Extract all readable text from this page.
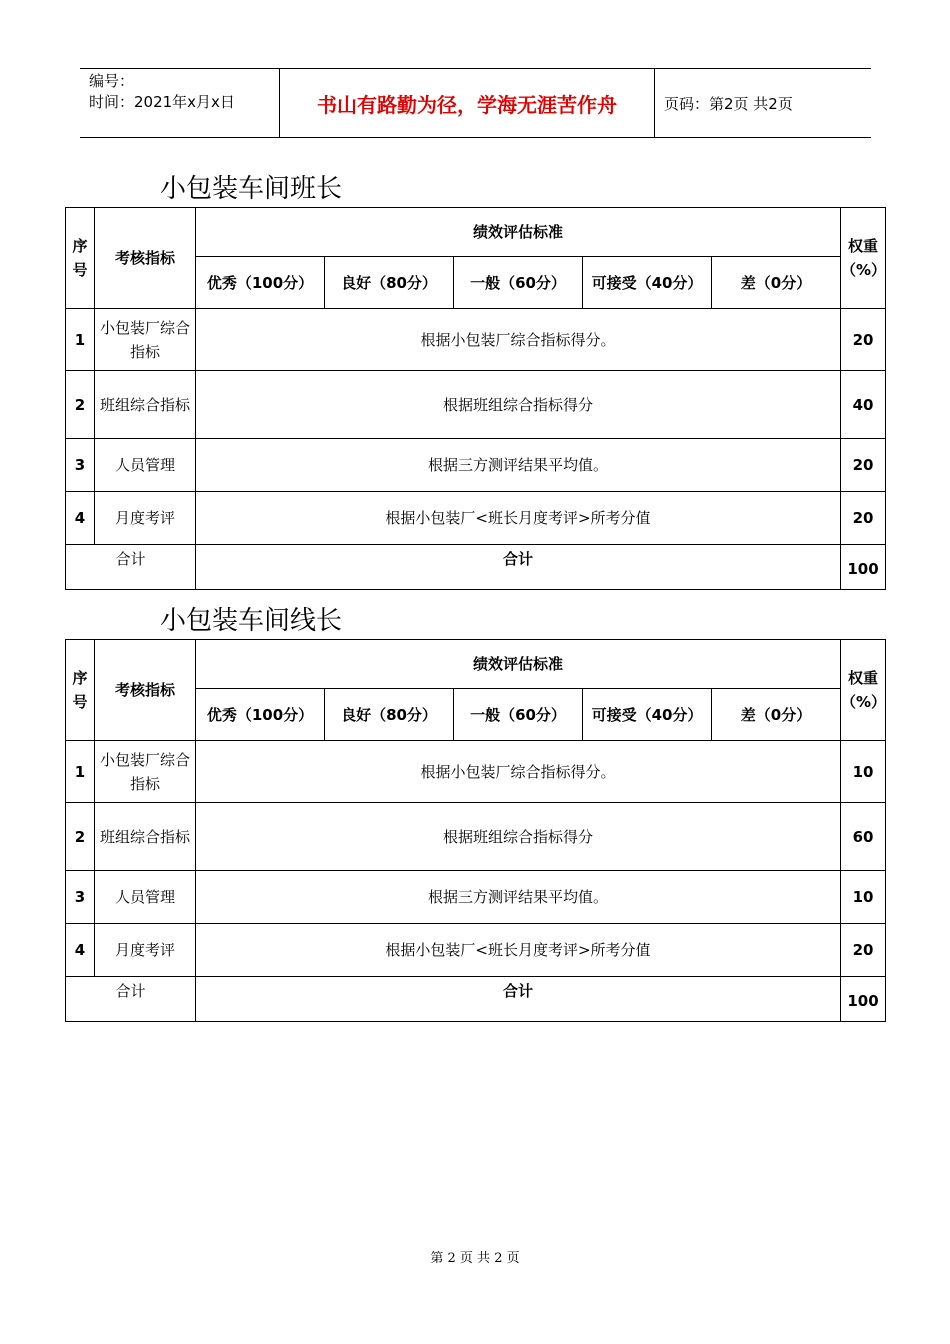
编号：
时间：2021年x月x日	书山有路勤为径，学海无涯苦作舟	页码：第2页 共2页
小包装车间班长
序号	考核指标	绩效评估标准					权重（%）
		优秀（100分）	良好（80分）	一般（60分）	可接受（40分）	差（0分）	
1	小包装厂综合指标	根据小包装厂综合指标得分。					20
2	班组综合指标	根据班组综合指标得分					40
3	人员管理	根据三方测评结果平均值。					20
4	月度考评	根据小包装厂<班长月度考评>所考分值					20
合计		合计					100
小包装车间线长
序号	考核指标	绩效评估标准					权重（%）
		优秀（100分）	良好（80分）	一般（60分）	可接受（40分）	差（0分）	
1	小包装厂综合指标	根据小包装厂综合指标得分。					10
2	班组综合指标	根据班组综合指标得分					60
3	人员管理	根据三方测评结果平均值。					10
4	月度考评	根据小包装厂<班长月度考评>所考分值					20
合计		合计					100
第 2 页 共 2 页
